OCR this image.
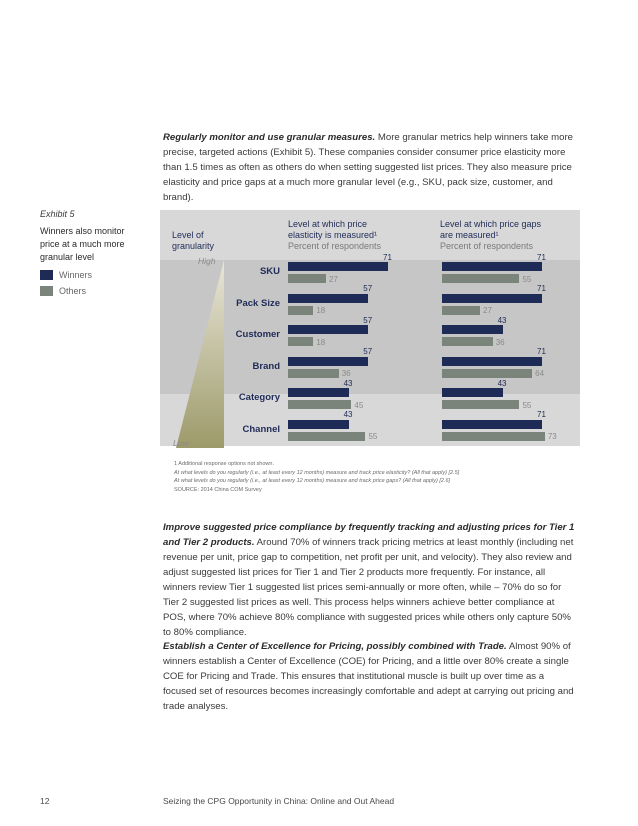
Regularly monitor and use granular measures. More granular metrics help winners take more precise, targeted actions (Exhibit 5). These companies consider consumer price elasticity more than 1.5 times as often as others do when setting suggested list prices. They also measure price elasticity and price gaps at a much more granular level (e.g., SKU, pack size, customer, and brand).
Exhibit 5
Winners also monitor price at a much more granular level
Winners
Others
Level of
granularity
High
Low
Level at which price
elasticity is measured¹
Percent of respondents
Level at which price gaps
are measured¹
Percent of respondents
SKU
71
27
71
55
Pack Size
57
18
71
27
Customer
57
18
43
36
Brand
57
36
71
64
Category
43
45
43
55
Channel
43
55
71
73
1 Additional response options not shown.
At what levels do you regularly (i.e., at least every 12 months) measure and track price elasticity? (All that apply) [2.5]
At what levels do you regularly (i.e., at least every 12 months) measure and track price gaps? (All that apply) [2.6]
SOURCE: 2014 China COM Survey
Improve suggested price compliance by frequently tracking and adjusting prices for Tier 1 and Tier 2 products. Around 70% of winners track pricing metrics at least monthly (including net revenue per unit, price gap to competition, net profit per unit, and velocity). They also review and adjust suggested list prices for Tier 1 and Tier 2 products more frequently. For instance, all winners review Tier 1 suggested list prices semi-annually or more often, while – 70% do so for Tier 2 suggested list prices as well. This process helps winners achieve better compliance at POS, where 70% achieve 80% compliance with suggested prices while others only capture 50% to 80% compliance.
Establish a Center of Excellence for Pricing, possibly combined with Trade. Almost 90% of winners establish a Center of Excellence (COE) for Pricing, and a little over 80% create a single COE for Pricing and Trade. This ensures that institutional muscle is built up over time as a focused set of resources becomes increasingly comfortable and adept at carrying out pricing and trade analyses.
12	Seizing the CPG Opportunity in China: Online and Out Ahead
